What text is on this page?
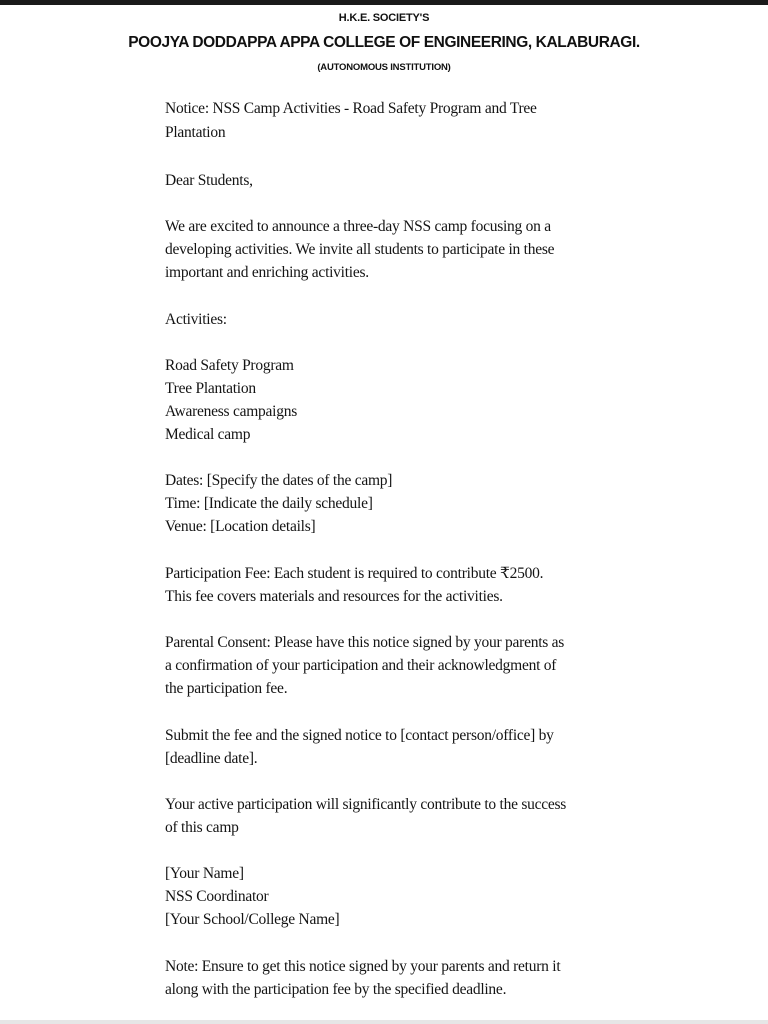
H.K.E. SOCIETY'S
POOJYA DODDAPPA APPA COLLEGE OF ENGINEERING, KALABURAGI.
(AUTONOMOUS INSTITUTION)
Notice: NSS Camp Activities - Road Safety Program and Tree
Plantation
Dear Students,
We are excited to announce a three-day NSS camp focusing on a
developing activities. We invite all students to participate in these
important and enriching activities.
Activities:
Road Safety Program
Tree Plantation
Awareness campaigns
Medical camp
Dates: [Specify the dates of the camp]
Time: [Indicate the daily schedule]
Venue: [Location details]
Participation Fee: Each student is required to contribute ₹2500.
This fee covers materials and resources for the activities.
Parental Consent: Please have this notice signed by your parents as
a confirmation of your participation and their acknowledgment of
the participation fee.
Submit the fee and the signed notice to [contact person/office] by
[deadline date].
Your active participation will significantly contribute to the success
of this camp
[Your Name]
NSS Coordinator
[Your School/College Name]
Note: Ensure to get this notice signed by your parents and return it
along with the participation fee by the specified deadline.
